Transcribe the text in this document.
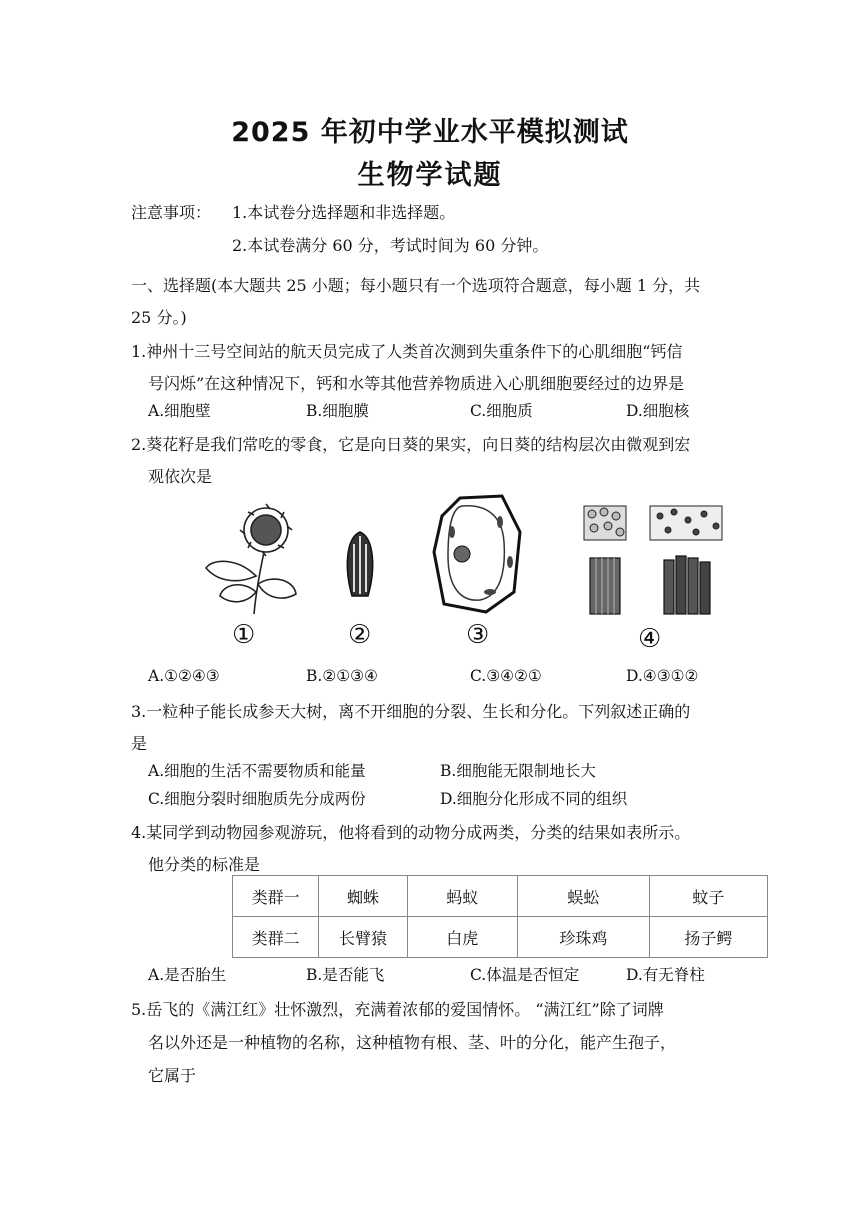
2025 年初中学业水平模拟测试
生物学试题
注意事项： 1.本试卷分选择题和非选择题。
2.本试卷满分 60 分，考试时间为 60 分钟。
一、选择题(本大题共 25 小题；每小题只有一个选项符合题意，每小题 1 分，共
25 分。)
1.神州十三号空间站的航天员完成了人类首次测到失重条件下的心肌细胞“钙信
号闪烁”在这种情况下，钙和水等其他营养物质进入心肌细胞要经过的边界是
A.细胞壁	B.细胞膜	C.细胞质	D.细胞核
2.葵花籽是我们常吃的零食，它是向日葵的果实，向日葵的结构层次由微观到宏
观依次是
①	②	③	④
A.①②④③	B.②①③④	C.③④②①	D.④③①②
3.一粒种子能长成参天大树，离不开细胞的分裂、生长和分化。下列叙述正确的
是
A.细胞的生活不需要物质和能量	B.细胞能无限制地长大
C.细胞分裂时细胞质先分成两份	D.细胞分化形成不同的组织
4.某同学到动物园参观游玩，他将看到的动物分成两类，分类的结果如表所示。
他分类的标准是
类群一	蜘蛛	蚂蚁	蜈蚣	蚊子
类群二	长臂猿	白虎	珍珠鸡	扬子鳄
A.是否胎生	B.是否能飞	C.体温是否恒定	D.有无脊柱
5.岳飞的《满江红》壮怀激烈，充满着浓郁的爱国情怀。 “满江红”除了词牌
名以外还是一种植物的名称，这种植物有根、茎、叶的分化，能产生孢子，
它属于
